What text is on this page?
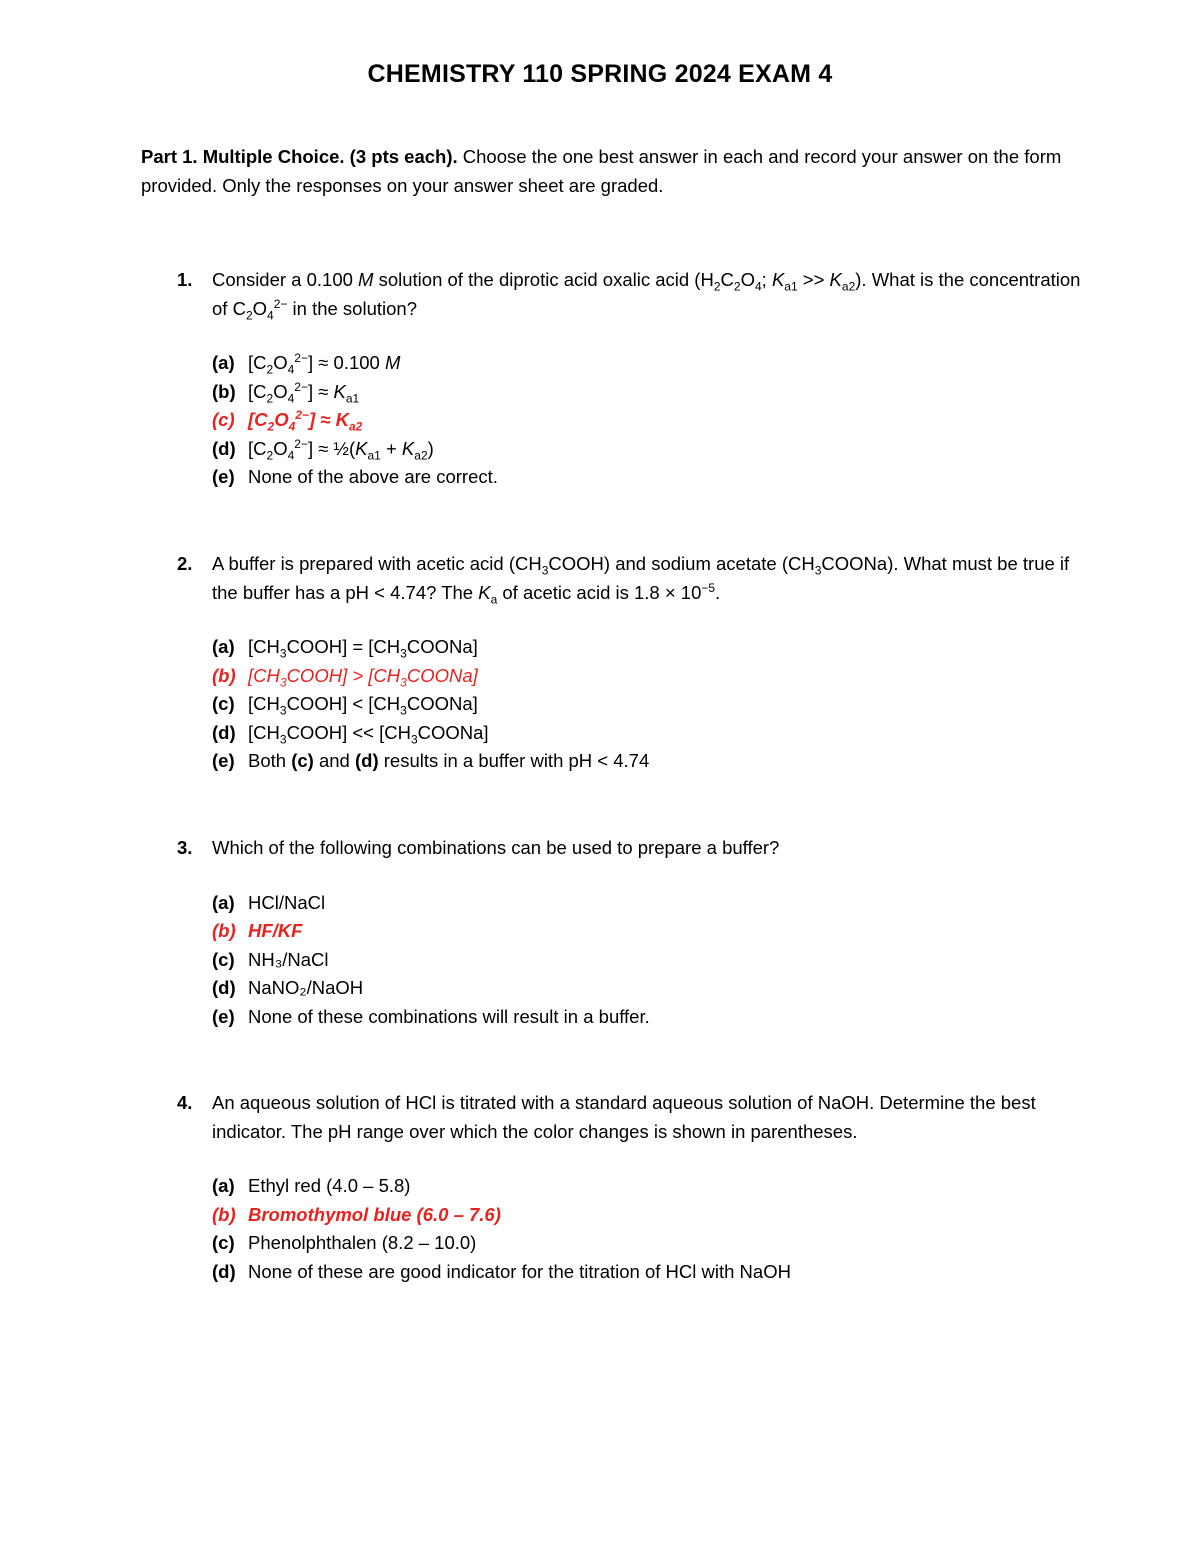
CHEMISTRY 110 SPRING 2024 EXAM 4
Part 1. Multiple Choice. (3 pts each). Choose the one best answer in each and record your answer on the form provided. Only the responses on your answer sheet are graded.
1. Consider a 0.100 M solution of the diprotic acid oxalic acid ($H_2C_2O_4$; $K_{a1} >> K_{a2}$). What is the concentration of $C_2O_4^{2-}$ in the solution?
(a) $[C_2O_4^{2-}] \approx 0.100$ M
(b) $[C_2O_4^{2-}] \approx K_{a1}$
(c) $[C_2O_4^{2-}] \approx K_{a2}$
(d) $[C_2O_4^{2-}]$ ≈ $\frac{1}{2}(K_{a1} + K_{a2})$
(e) None of the above are correct.
2. A buffer is prepared with acetic acid $(CH_3COOH)$ and sodium acetate $(CH_3COONa)$. What must be true if the buffer has a pH < 4.74? The $K_a$ of acetic acid is $1.8 \times 10^{-5}$.
(a) $[CH_3COOH]$ = $[CH_3COONa]$
(b) $[CH_3COOH]$ > $[CH_3COONa]$
(c) $[CH_3COOH]$ < $[CH_3COONa]$
(d) $[CH_3COOH]$ << $[CH_3COONa]$
(e) Both (c) and (d) results in a buffer with pH < 4.74
3. Which of the following combinations can be used to prepare a buffer?
(a) HCl/NaCl
(b) HF/KF
(c) NH₃/NaCl
(d) NaNO₂/NaOH
(e) None of these combinations will result in a buffer.
4. An aqueous solution of HCl is titrated with a standard aqueous solution of NaOH. Determine the best indicator. The pH range over which the color changes is shown in parentheses.
(a) Ethyl red (4.0 – 5.8)
(b) Bromothymol blue (6.0 – 7.6)
(c) Phenolphthalen (8.2 – 10.0)
(d) None of these are good indicator for the titration of HCl with NaOH
